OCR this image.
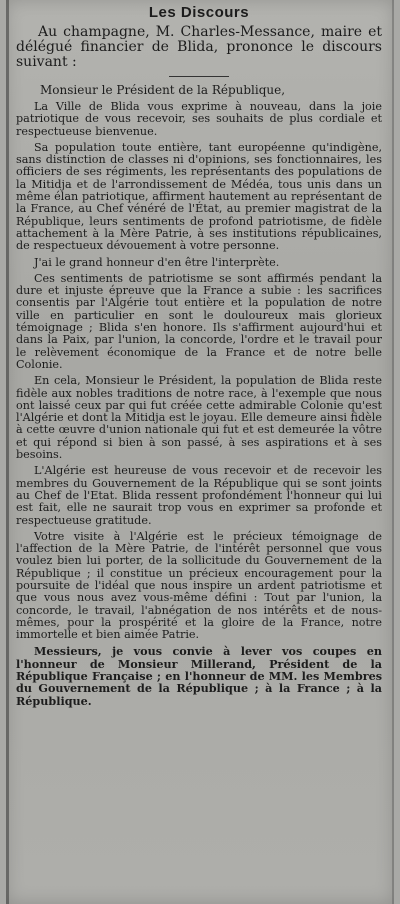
Les Discours

Au champagne, M. Charles-Messance, maire et délégué financier de Blida, prononce le discours suivant :

Monsieur le Président de la République,

La Ville de Blida vous exprime à nouveau, dans la joie patriotique de vous recevoir, ses souhaits de plus cordiale et respectueuse bienvenue.

Sa population toute entière, tant européenne qu'indigène, sans distinction de classes ni d'opinions, ses fonctionnaires, les officiers de ses régiments, les représentants des populations de la Mitidja et de l'arrondissement de Médéa, tous unis dans un même élan patriotique, affirment hautement au représentant de la France, au Chef vénéré de l'État, au premier magistrat de la République, leurs sentiments de profond patriotisme, de fidèle attachement à la Mère Patrie, à ses institutions républicaines, de respectueux dévouement à votre personne.

J'ai le grand honneur d'en être l'interprète.

Ces sentiments de patriotisme se sont affirmés pendant la dure et injuste épreuve que la France a subie : les sacrifices consentis par l'Algérie tout entière et la population de notre ville en particulier en sont le douloureux mais glorieux témoignage ; Blida s'en honore. Ils s'affirment aujourd'hui et dans la Paix, par l'union, la concorde, l'ordre et le travail pour le relèvement économique de la France et de notre belle Colonie.

En cela, Monsieur le Président, la population de Blida reste fidèle aux nobles traditions de notre race, à l'exemple que nous ont laissé ceux par qui fut créée cette admirable Colonie qu'est l'Algérie et dont la Mitidja est le joyau. Elle demeure ainsi fidèle à cette œuvre d'union nationale qui fut et est demeurée la vôtre et qui répond si bien à son passé, à ses aspirations et à ses besoins.

L'Algérie est heureuse de vous recevoir et de recevoir les membres du Gouvernement de la République qui se sont joints au Chef de l'Etat. Blida ressent profondément l'honneur qui lui est fait, elle ne saurait trop vous en exprimer sa profonde et respectueuse gratitude.

Votre visite à l'Algérie est le précieux témoignage de l'affection de la Mère Patrie, de l'intérêt personnel que vous voulez bien lui porter, de la sollicitude du Gouvernement de la République ; il constitue un précieux encouragement pour la poursuite de l'idéal que nous inspire un ardent patriotisme et que vous nous avez vous-même défini : Tout par l'union, la concorde, le travail, l'abnégation de nos intérêts et de nous-mêmes, pour la prospérité et la gloire de la France, notre immortelle et bien aimée Patrie.

Messieurs, je vous convie à lever vos coupes en l'honneur de Monsieur Millerand, Président de la République Française ; en l'honneur de MM. les Membres du Gouvernement de la République ; à la France ; à la République.
